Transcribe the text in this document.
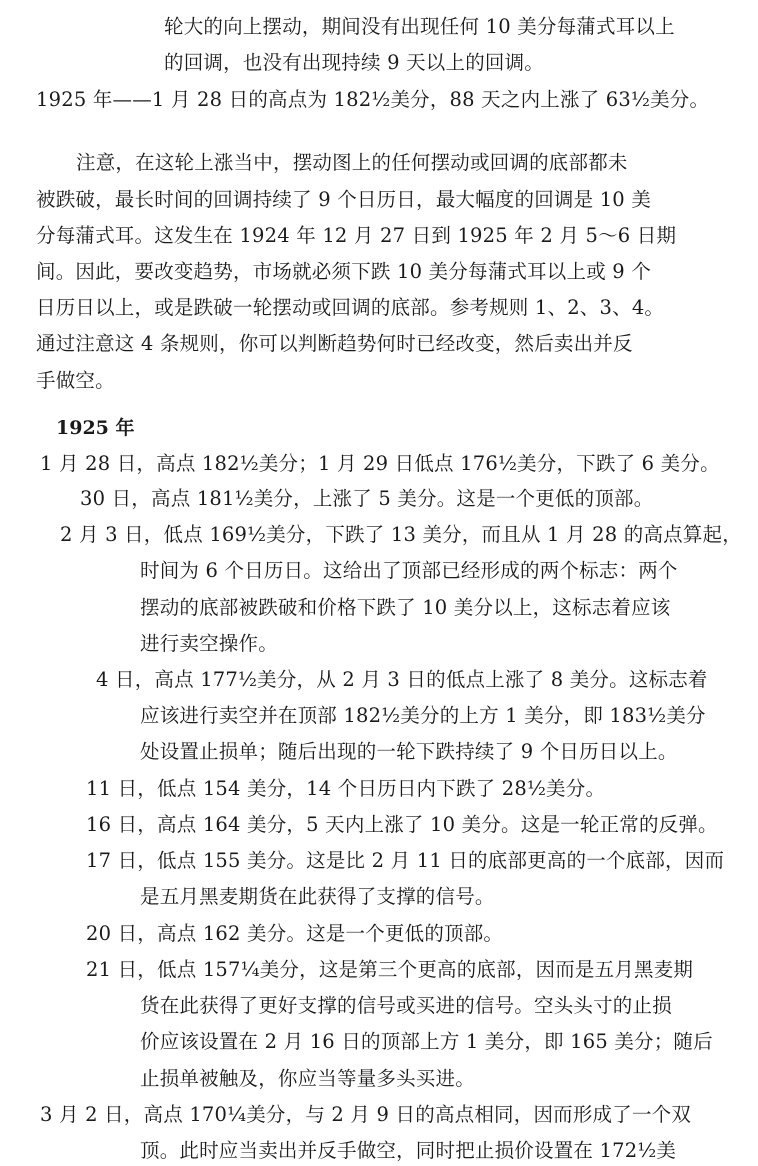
轮大的向上摆动，期间没有出现任何 10 美分每蒲式耳以上
的回调，也没有出现持续 9 天以上的回调。
1925 年——1 月 28 日的高点为 182½美分，88 天之内上涨了 63½美分。
注意，在这轮上涨当中，摆动图上的任何摆动或回调的底部都未
被跌破，最长时间的回调持续了 9 个日历日，最大幅度的回调是 10 美
分每蒲式耳。这发生在 1924 年 12 月 27 日到 1925 年 2 月 5～6 日期
间。因此，要改变趋势，市场就必须下跌 10 美分每蒲式耳以上或 9 个
日历日以上，或是跌破一轮摆动或回调的底部。参考规则 1、2、3、4。
通过注意这 4 条规则，你可以判断趋势何时已经改变，然后卖出并反
手做空。
1925 年
1 月 28 日，高点 182½美分；1 月 29 日低点 176½美分，下跌了 6 美分。
30 日，高点 181½美分，上涨了 5 美分。这是一个更低的顶部。
2 月 3 日，低点 169½美分，下跌了 13 美分，而且从 1 月 28 的高点算起，
时间为 6 个日历日。这给出了顶部已经形成的两个标志：两个
摆动的底部被跌破和价格下跌了 10 美分以上，这标志着应该
进行卖空操作。
4 日，高点 177½美分，从 2 月 3 日的低点上涨了 8 美分。这标志着
应该进行卖空并在顶部 182½美分的上方 1 美分，即 183½美分
处设置止损单；随后出现的一轮下跌持续了 9 个日历日以上。
11 日，低点 154 美分，14 个日历日内下跌了 28½美分。
16 日，高点 164 美分，5 天内上涨了 10 美分。这是一轮正常的反弹。
17 日，低点 155 美分。这是比 2 月 11 日的底部更高的一个底部，因而
是五月黑麦期货在此获得了支撑的信号。
20 日，高点 162 美分。这是一个更低的顶部。
21 日，低点 157¼美分，这是第三个更高的底部，因而是五月黑麦期
货在此获得了更好支撑的信号或买进的信号。空头头寸的止损
价应该设置在 2 月 16 日的顶部上方 1 美分，即 165 美分；随后
止损单被触及，你应当等量多头买进。
3 月 2 日，高点 170¼美分，与 2 月 9 日的高点相同，因而形成了一个双
顶。此时应当卖出并反手做空，同时把止损价设置在 172½美
